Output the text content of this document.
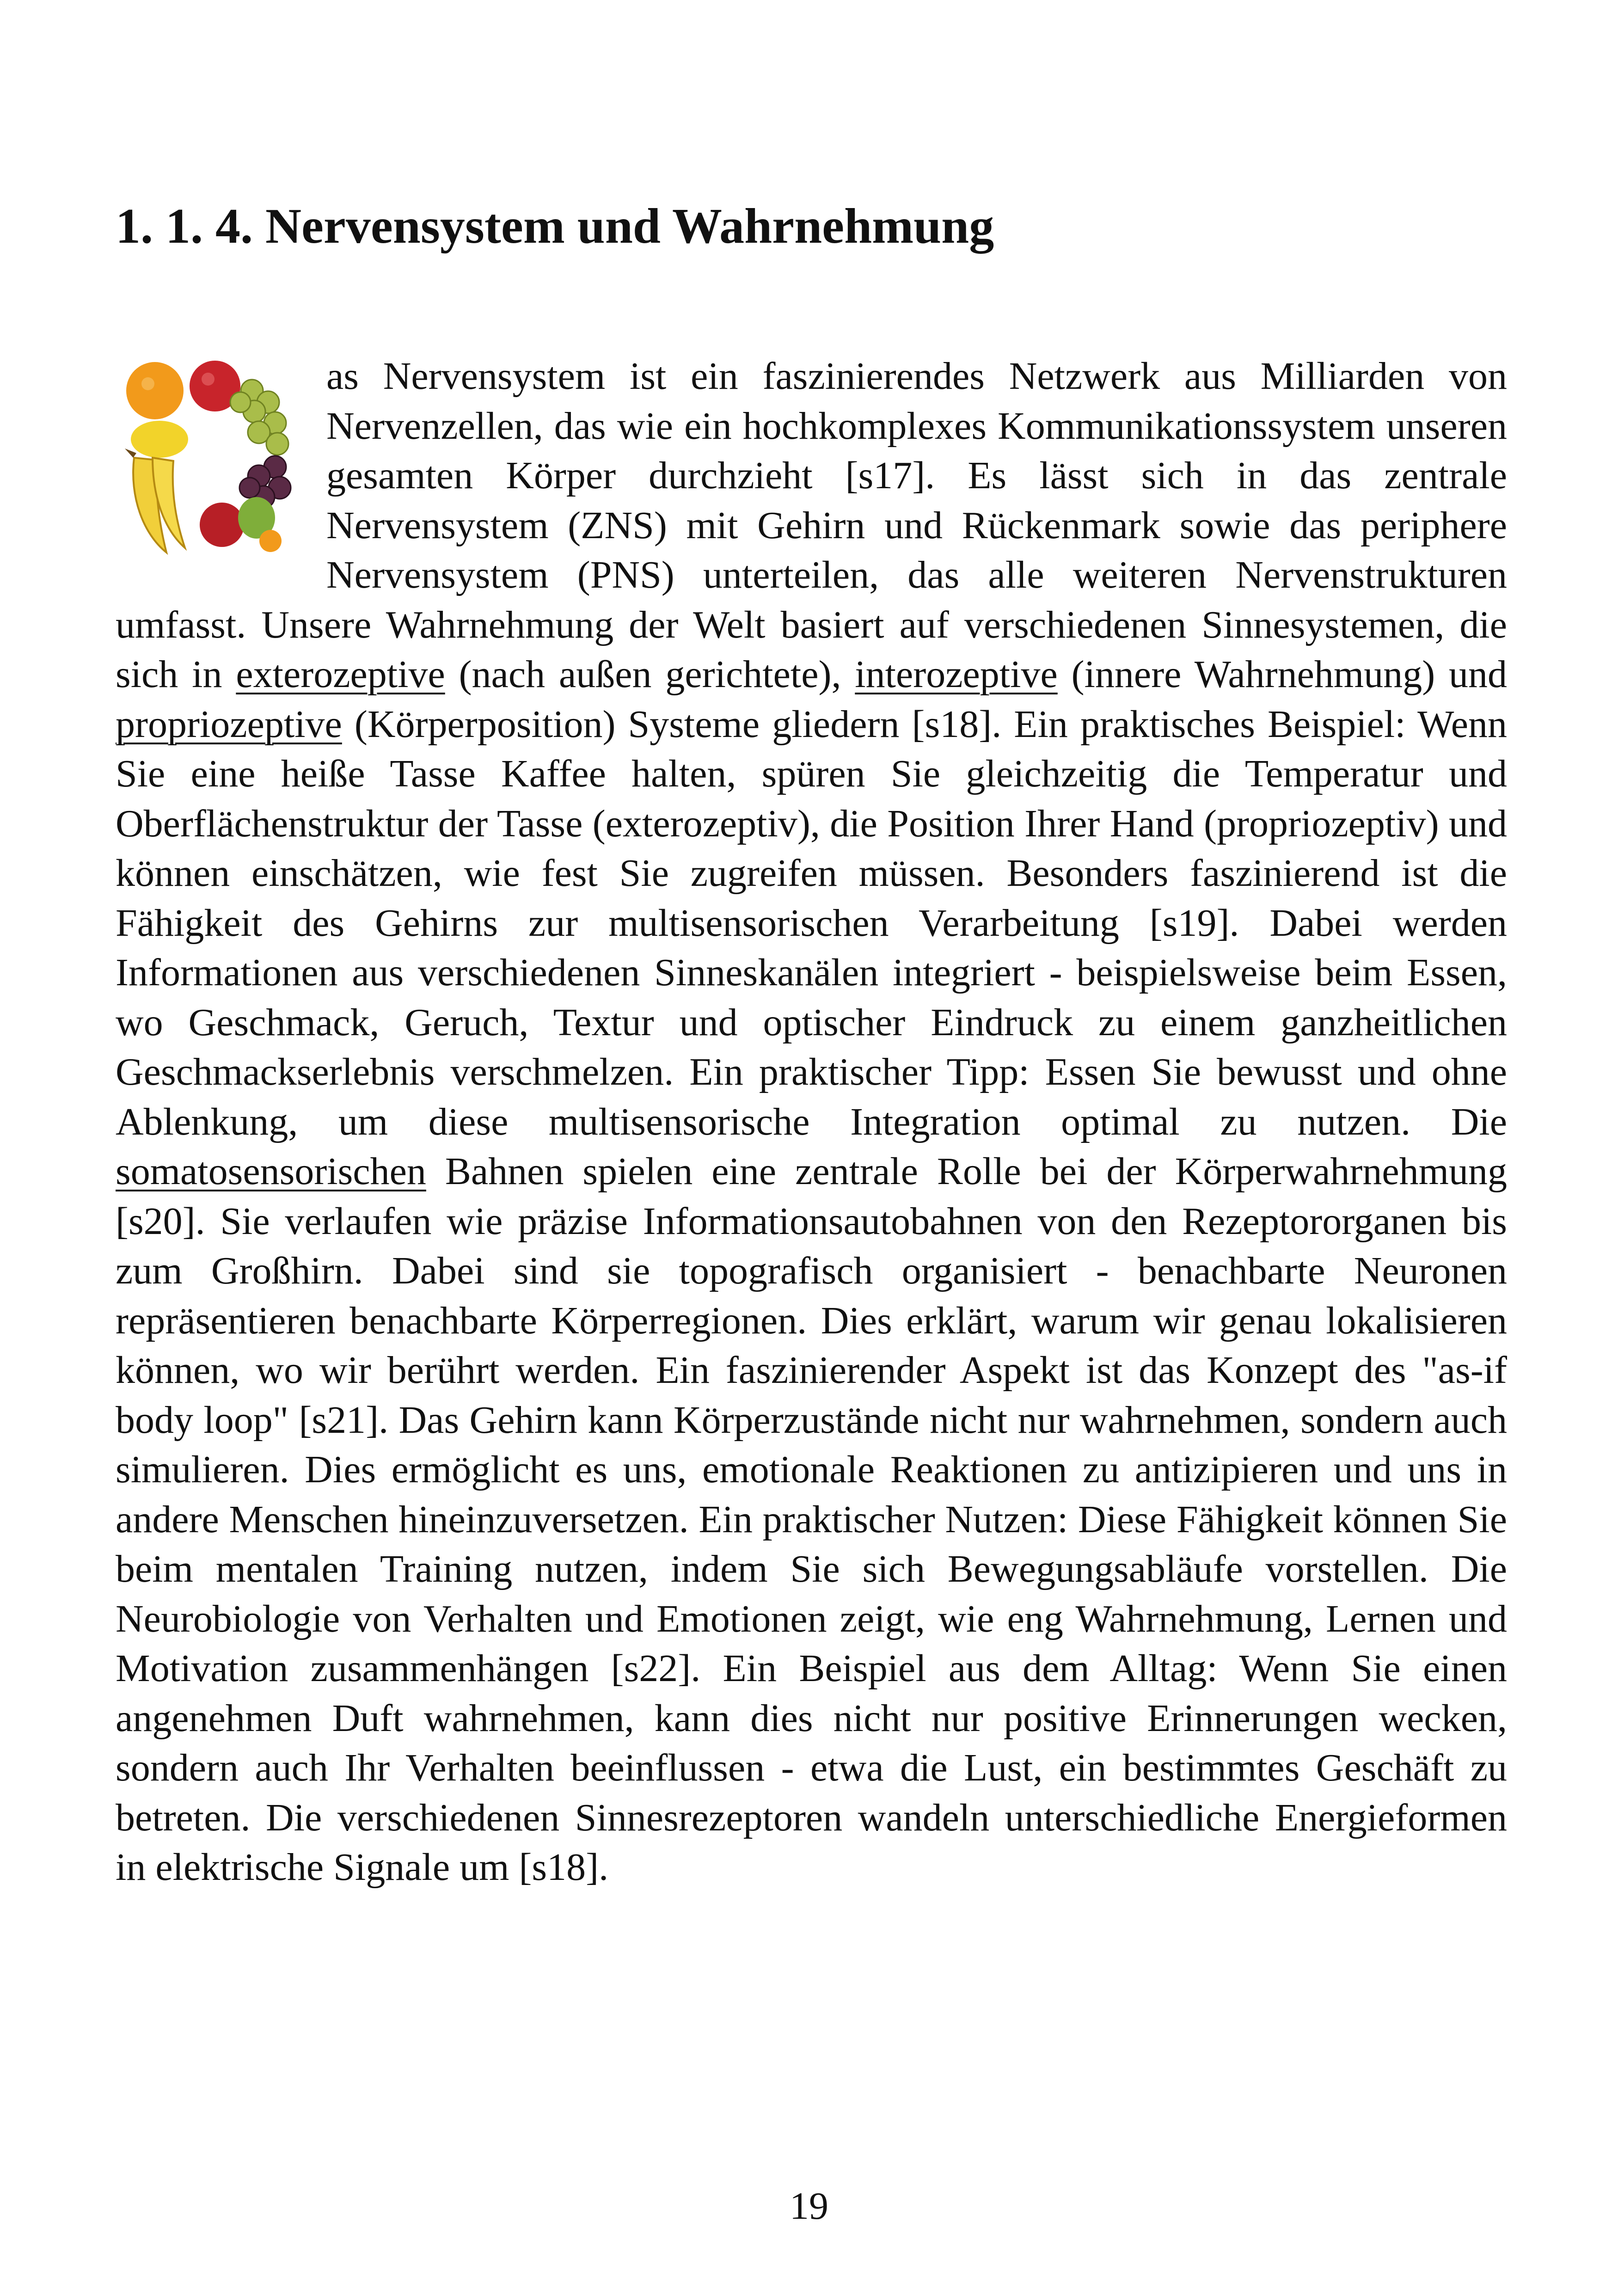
1. 1. 4. Nervensystem und Wahrnehmung
as Nervensystem ist ein faszinierendes Netzwerk aus Milliarden von Nervenzellen, das wie ein hochkomplexes Kommunikationssystem unseren gesamten Körper durchzieht [s17]. Es lässt sich in das zentrale Nervensystem (ZNS) mit Gehirn und Rückenmark sowie das periphere Nervensystem (PNS) unterteilen, das alle weiteren Nervenstrukturen umfasst. Unsere Wahrnehmung der Welt basiert auf verschiedenen Sinnesystemen, die sich in exterozeptive (nach außen gerichtete), interozeptive (innere Wahrnehmung) und propriozeptive (Körperposition) Systeme gliedern [s18]. Ein praktisches Beispiel: Wenn Sie eine heiße Tasse Kaffee halten, spüren Sie gleichzeitig die Temperatur und Oberflächenstruktur der Tasse (exterozeptiv), die Position Ihrer Hand (propriozeptiv) und können einschätzen, wie fest Sie zugreifen müssen. Besonders faszinierend ist die Fähigkeit des Gehirns zur multisensorischen Verarbeitung [s19]. Dabei werden Informationen aus verschiedenen Sinneskanälen integriert - beispielsweise beim Essen, wo Geschmack, Geruch, Textur und optischer Eindruck zu einem ganzheitlichen Geschmackserlebnis verschmelzen. Ein praktischer Tipp: Essen Sie bewusst und ohne Ablenkung, um diese multisensorische Integration optimal zu nutzen. Die somatosensorischen Bahnen spielen eine zentrale Rolle bei der Körperwahrnehmung [s20]. Sie verlaufen wie präzise Informationsautobahnen von den Rezeptororganen bis zum Großhirn. Dabei sind sie topografisch organisiert - benachbarte Neuronen repräsentieren benachbarte Körperregionen. Dies erklärt, warum wir genau lokalisieren können, wo wir berührt werden. Ein faszinierender Aspekt ist das Konzept des "as-if body loop" [s21]. Das Gehirn kann Körperzustände nicht nur wahrnehmen, sondern auch simulieren. Dies ermöglicht es uns, emotionale Reaktionen zu antizipieren und uns in andere Menschen hineinzuversetzen. Ein praktischer Nutzen: Diese Fähigkeit können Sie beim mentalen Training nutzen, indem Sie sich Bewegungsabläufe vorstellen. Die Neurobiologie von Verhalten und Emotionen zeigt, wie eng Wahrnehmung, Lernen und Motivation zusammenhängen [s22]. Ein Beispiel aus dem Alltag: Wenn Sie einen angenehmen Duft wahrnehmen, kann dies nicht nur positive Erinnerungen wecken, sondern auch Ihr Verhalten beeinflussen - etwa die Lust, ein bestimmtes Geschäft zu betreten. Die verschiedenen Sinnesrezeptoren wandeln unterschiedliche Energieformen in elektrische Signale um [s18].
19
